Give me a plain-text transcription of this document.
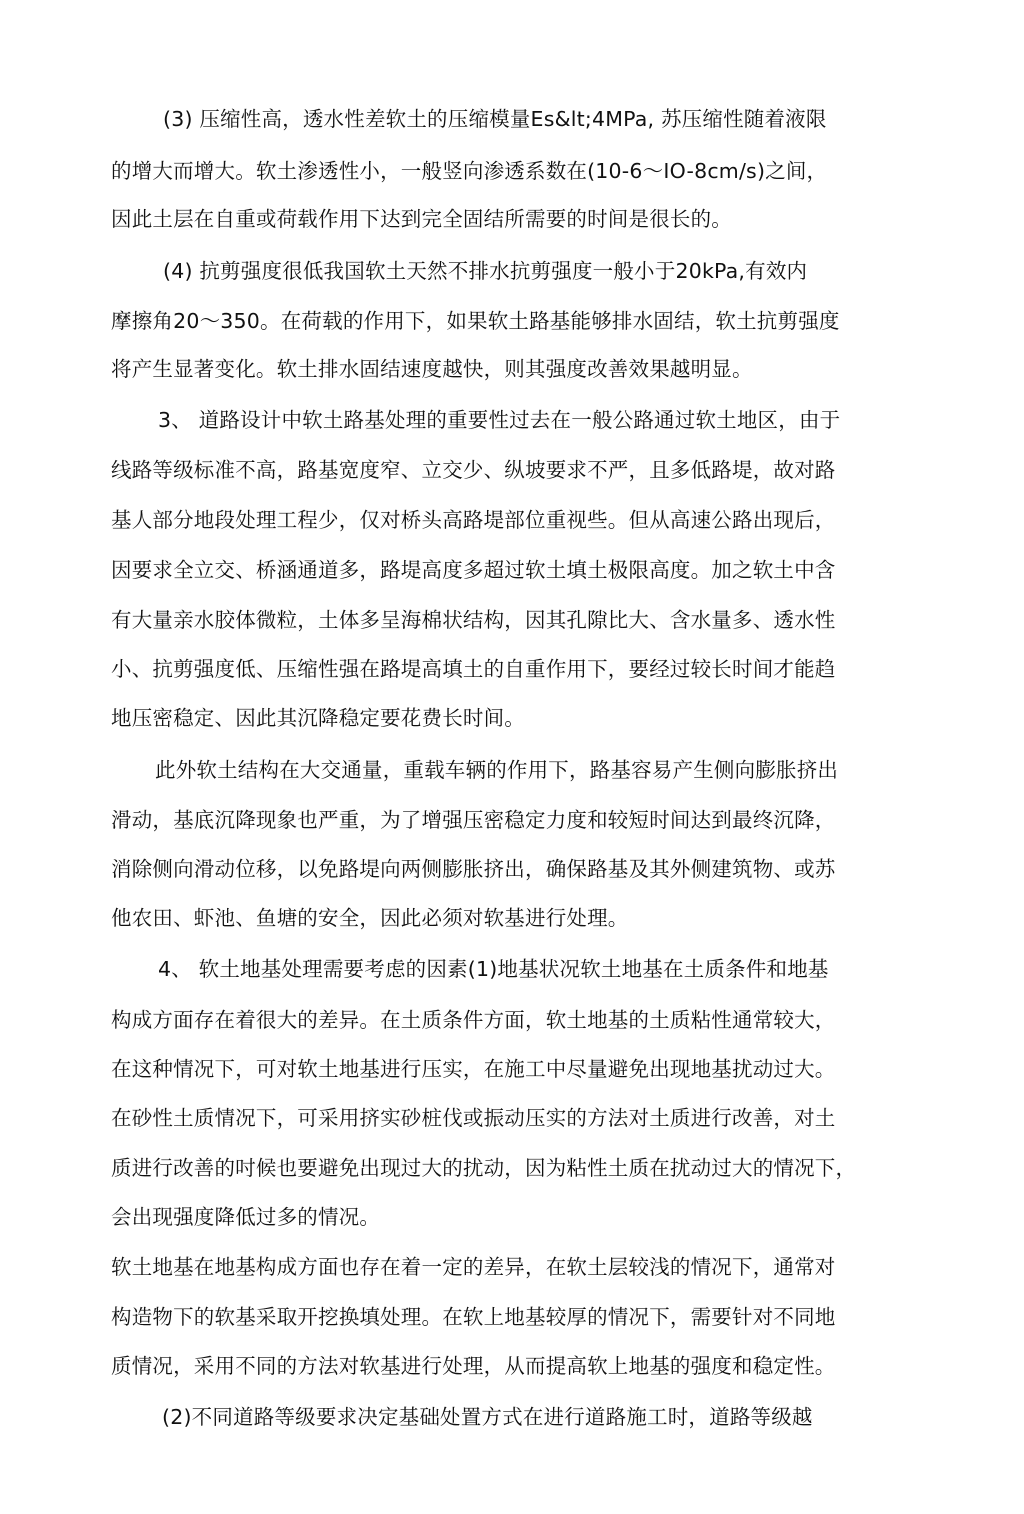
(3) 压缩性高，透水性差软土的压缩模量Es&lt;4MPa, 苏压缩性随着液限

的增大而增大。软土渗透性小，一般竖向渗透系数在(10-6～IO-8cm/s)之间，

因此土层在自重或荷载作用下达到完全固结所需要的时间是很长的。

(4) 抗剪强度很低我国软土天然不排水抗剪强度一般小于20kPa,有效内

摩擦角20～350。在荷载的作用下，如果软土路基能够排水固结，软土抗剪强度

将产生显著变化。软土排水固结速度越快，则其强度改善效果越明显。

3、 道路设计中软土路基处理的重要性过去在一般公路通过软土地区，由于

线路等级标准不高，路基宽度窄、立交少、纵坡要求不严，且多低路堤，故对路

基人部分地段处理工程少，仅对桥头高路堤部位重视些。但从高速公路出现后，

因要求全立交、桥涵通道多，路堤高度多超过软土填土极限高度。加之软土中含

有大量亲水胶体微粒，土体多呈海棉状结构，因其孔隙比大、含水量多、透水性

小、抗剪强度低、压缩性强在路堤高填土的自重作用下，要经过较长时间才能趋

地压密稳定、因此其沉降稳定要花费长时间。

此外软土结构在大交通量，重载车辆的作用下，路基容易产生侧向膨胀挤出

滑动，基底沉降现象也严重，为了增强压密稳定力度和较短时间达到最终沉降，

消除侧向滑动位移，以免路堤向两侧膨胀挤出，确保路基及其外侧建筑物、或苏

他农田、虾池、鱼塘的安全，因此必须对软基进行处理。

4、 软土地基处理需要考虑的因素(1)地基状况软土地基在土质条件和地基

构成方面存在着很大的差异。在土质条件方面，软土地基的土质粘性通常较大，

在这种情况下，可对软土地基进行压实，在施工中尽量避免出现地基扰动过大。

在砂性土质情况下，可采用挤实砂桩伐或振动压实的方法对土质进行改善，对土

质进行改善的吋候也要避免出现过大的扰动，因为粘性土质在扰动过大的情况下，

会出现强度降低过多的情况。

软土地基在地基构成方面也存在着一定的差异，在软土层较浅的情况下，通常对

构造物下的软基采取开挖换填处理。在软上地基较厚的情况下，需要针对不同地

质情况，采用不同的方法对软基进行处理，从而提高软上地基的强度和稳定性。

(2)不同道路等级要求决定基础处置方式在进行道路施工时，道路等级越
